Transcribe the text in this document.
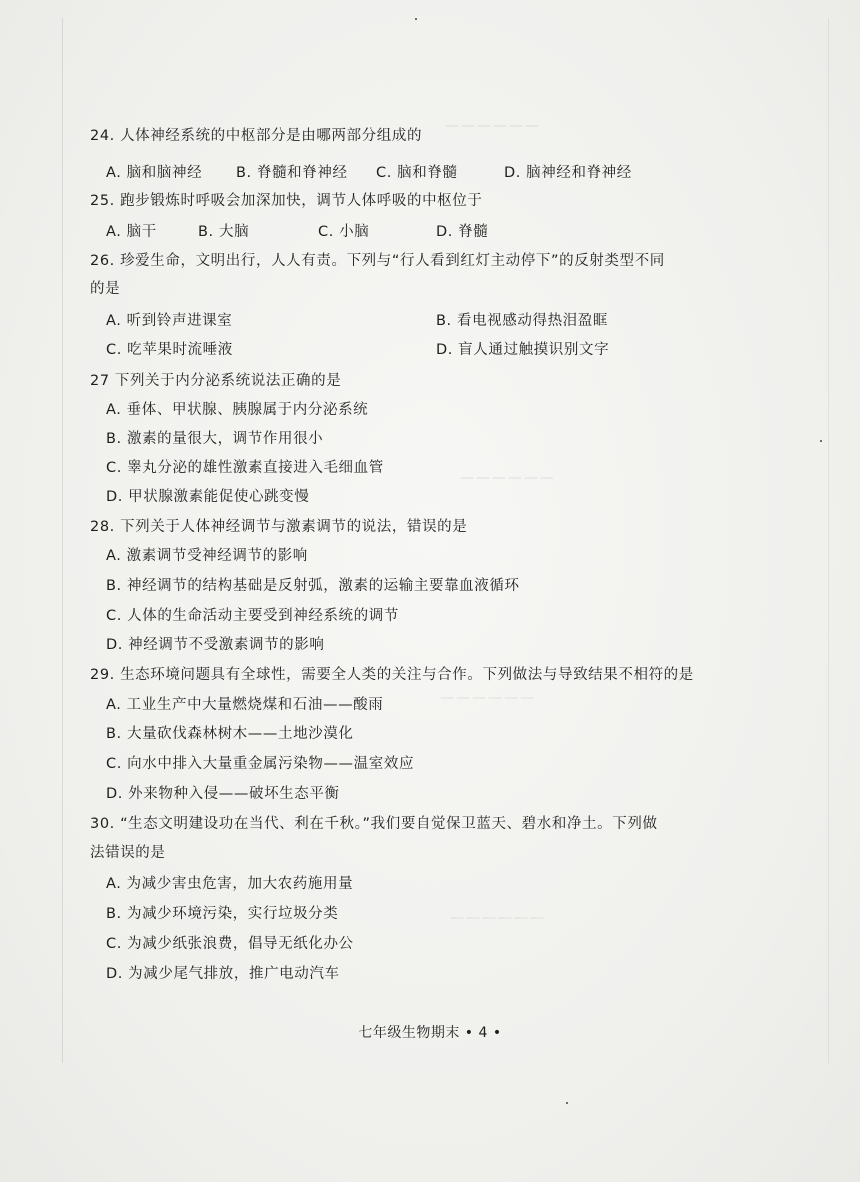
——————
——————
——————
——————
24. 人体神经系统的中枢部分是由哪两部分组成的
A. 脑和脑神经 B. 脊髓和脊神经 C. 脑和脊髓	D. 脑神经和脊神经
25. 跑步锻炼时呼吸会加深加快，调节人体呼吸的中枢位于
A. 脑干	B. 大脑	C. 小脑	D. 脊髓
26. 珍爱生命，文明出行，人人有责。下列与“行人看到红灯主动停下”的反射类型不同
的是
A. 听到铃声进课室	B. 看电视感动得热泪盈眶
C. 吃苹果时流唾液	D. 盲人通过触摸识别文字
27 下列关于内分泌系统说法正确的是
A. 垂体、甲状腺、胰腺属于内分泌系统
B. 激素的量很大，调节作用很小
C. 睾丸分泌的雄性激素直接进入毛细血管
D. 甲状腺激素能促使心跳变慢
28. 下列关于人体神经调节与激素调节的说法，错误的是
A. 激素调节受神经调节的影响
B. 神经调节的结构基础是反射弧，激素的运输主要靠血液循环
C. 人体的生命活动主要受到神经系统的调节
D. 神经调节不受激素调节的影响
29. 生态环境问题具有全球性，需要全人类的关注与合作。下列做法与导致结果不相符的是
A. 工业生产中大量燃烧煤和石油——酸雨
B. 大量砍伐森林树木——土地沙漠化
C. 向水中排入大量重金属污染物——温室效应
D. 外来物种入侵——破坏生态平衡
30. “生态文明建设功在当代、利在千秋。”我们要自觉保卫蓝天、碧水和净土。下列做
法错误的是
A. 为减少害虫危害，加大农药施用量
B. 为减少环境污染，实行垃圾分类
C. 为减少纸张浪费，倡导无纸化办公
D. 为减少尾气排放，推广电动汽车
七年级生物期末 • 4 •
